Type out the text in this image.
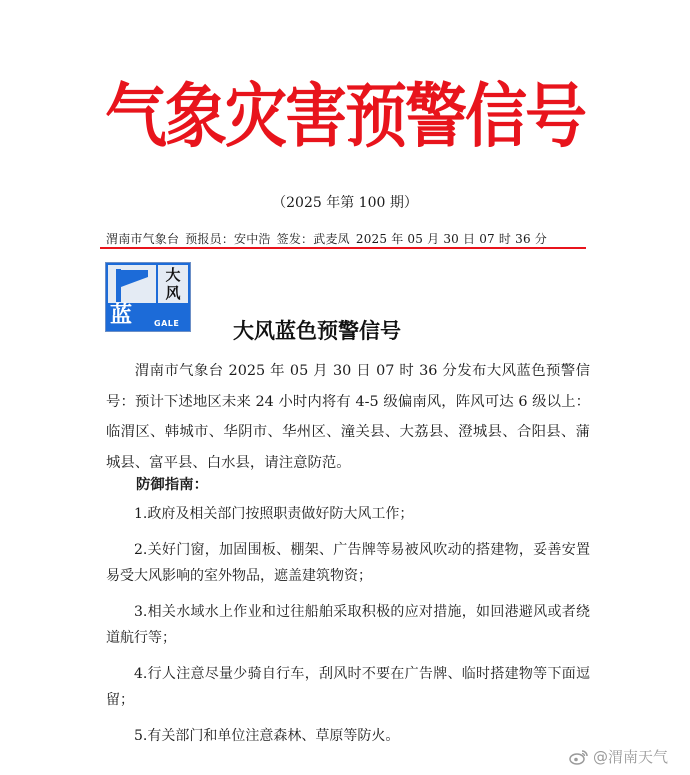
气象灾害预警信号
（2025 年第 100 期）
渭南市气象台 预报员：安中浩 签发：武麦凤 2025 年 05 月 30 日 07 时 36 分
大
风
蓝	GALE	大风蓝色预警信号
渭南市气象台 2025 年 05 月 30 日 07 时 36 分发布大风蓝色预警信号：预计下述地区未来 24 小时内将有 4-5 级偏南风，阵风可达 6 级以上：临渭区、韩城市、华阴市、华州区、潼关县、大荔县、澄城县、合阳县、蒲城县、富平县、白水县，请注意防范。
防御指南：
1.政府及相关部门按照职责做好防大风工作；
2.关好门窗，加固围板、棚架、广告牌等易被风吹动的搭建物，妥善安置易受大风影响的室外物品，遮盖建筑物资；
3.相关水域水上作业和过往船舶采取积极的应对措施，如回港避风或者绕道航行等；
4.行人注意尽量少骑自行车，刮风时不要在广告牌、临时搭建物等下面逗留；
5.有关部门和单位注意森林、草原等防火。
@渭南天气
